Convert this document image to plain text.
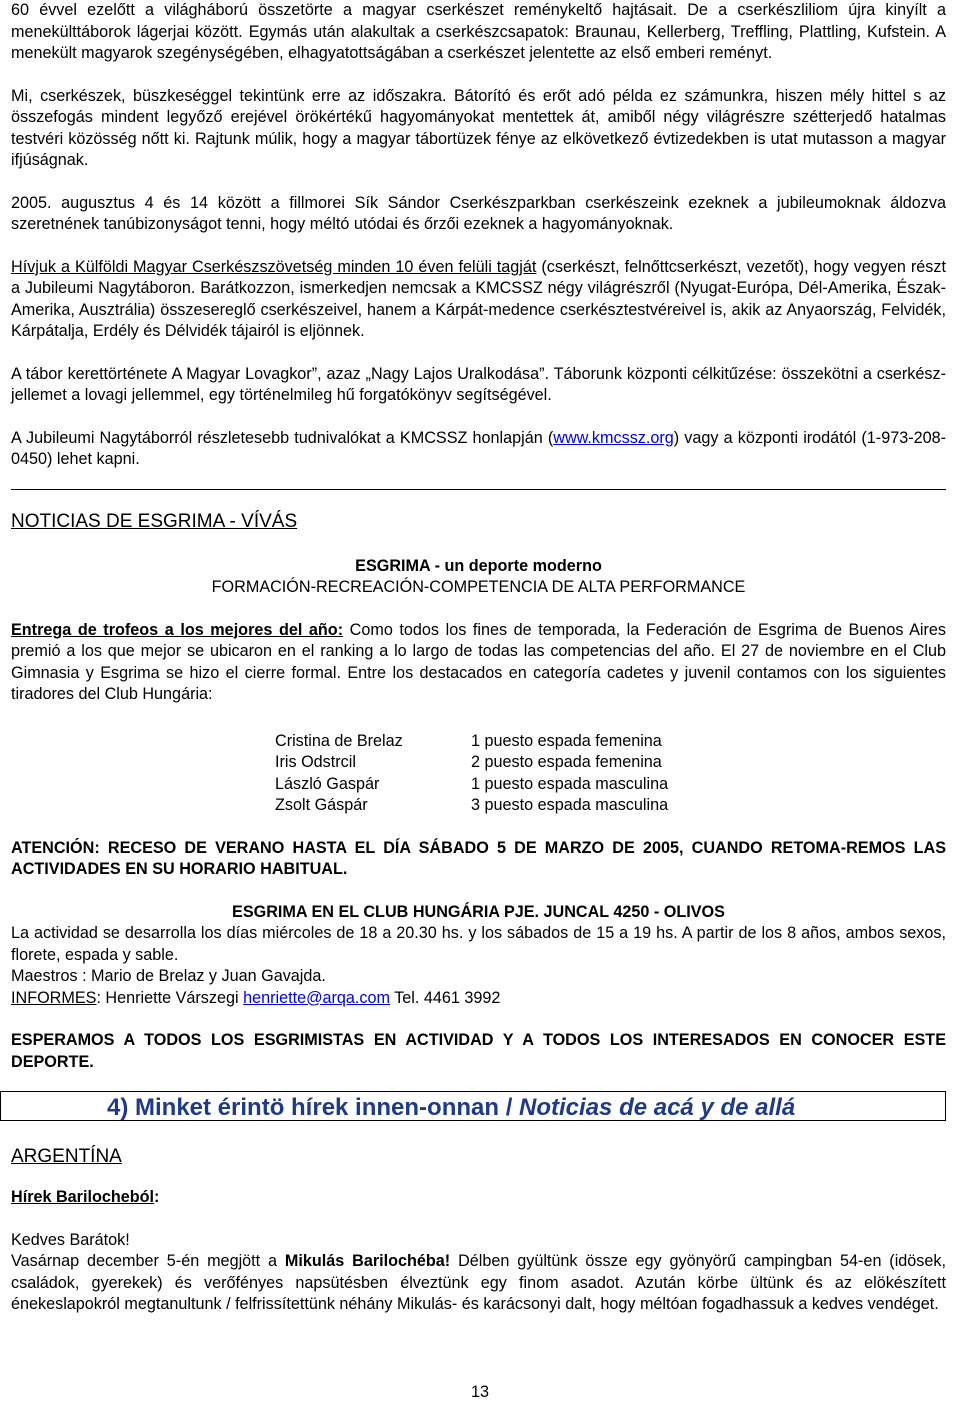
60 évvel ezelőtt a világháború összetörte a magyar cserkészet reménykeltő hajtásait. De a cserkészliliom újra kinyílt a menekülttáborok lágerjai között. Egymás után alakultak a cserkészcsapatok: Braunau, Kellerberg, Treffling, Plattling, Kufstein. A menekült magyarok szegénységében, elhagyatottságában a cserkészet jelentette az első emberi reményt.

Mi, cserkészek, büszkeséggel tekintünk erre az időszakra. Bátorító és erőt adó példa ez számunkra, hiszen mély hittel s az összefogás mindent legyőző erejével örökértékű hagyományokat mentettek át, amiből négy világrészre szétterjedő hatalmas testvéri közösség nőtt ki. Rajtunk múlik, hogy a magyar tábortüzek fénye az elkövetkező évtizedekben is utat mutasson a magyar ifjúságnak.

2005. augusztus 4 és 14 között a fillmorei Sík Sándor Cserkészparkban cserkészeink ezeknek a jubileumoknak áldozva szeretnének tanúbizonyságot tenni, hogy méltó utódai és őrzői ezeknek a hagyományoknak.

Hívjuk a Külföldi Magyar Cserkészszövetség minden 10 éven felüli tagját (cserkészt, felnőttcserkészt, vezetőt), hogy vegyen részt a Jubileumi Nagytáboron. Barátkozzon, ismerkedjen nemcsak a KMCSSZ négy világrészről (Nyugat-Európa, Dél-Amerika, Észak-Amerika, Ausztrália) összesereglő cserkészeivel, hanem a Kárpát-medence cserkésztestvéreivel is, akik az Anyaország, Felvidék, Kárpátalja, Erdély és Délvidék tájairól is eljönnek.

A tábor kerettörténete A Magyar Lovagkor”, azaz „Nagy Lajos Uralkodása”. Táborunk központi célkitűzése: összekötni a cserkész-jellemet a lovagi jellemmel, egy történelmileg hű forgatókönyv segítségével.

A Jubileumi Nagytáborról részletesebb tudnivalókat a KMCSSZ honlapján (www.kmcssz.org) vagy a központi irodától (1-973-208-0450) lehet kapni.

NOTICIAS DE ESGRIMA - VÍVÁS

ESGRIMA - un deporte moderno

FORMACIÓN-RECREACIÓN-COMPETENCIA DE ALTA PERFORMANCE

Entrega de trofeos a los mejores del año: Como todos los fines de temporada, la Federación de Esgrima de Buenos Aires premió a los que mejor se ubicaron en el ranking a lo largo de todas las competencias del año. El 27 de noviembre en el Club Gimnasia y Esgrima se hizo el cierre formal. Entre los destacados en categoría cadetes y juvenil contamos con los siguientes tiradores del Club Hungária:

Cristina de Brelaz	1 puesto espada femenina
Iris Odstrcil	2 puesto espada femenina
László Gaspár	1 puesto espada masculina
Zsolt Gáspár	3 puesto espada masculina

ATENCIÓN: RECESO DE VERANO HASTA EL DÍA SÁBADO 5 DE MARZO DE 2005, CUANDO RETOMA-REMOS LAS ACTIVIDADES EN SU HORARIO HABITUAL.

ESGRIMA EN EL CLUB HUNGÁRIA PJE. JUNCAL 4250 - OLIVOS

La actividad se desarrolla los días miércoles de 18 a 20.30 hs. y los sábados de 15 a 19 hs. A partir de los 8 años, ambos sexos, florete, espada y sable.

Maestros : Mario de Brelaz y Juan Gavajda.

INFORMES: Henriette Várszegi henriette@arqa.com Tel. 4461 3992

ESPERAMOS A TODOS LOS ESGRIMISTAS EN ACTIVIDAD Y A TODOS LOS INTERESADOS EN CONOCER ESTE DEPORTE.

4) Minket érintö hírek innen-onnan / Noticias de acá y de allá
ARGENTÍNA

Hírek Barilocheból:

Kedves Barátok!

Vasárnap december 5-én megjött a Mikulás Barilochéba! Délben gyültünk össze egy gyönyörű campingban 54-en (idösek, családok, gyerekek) és verőfényes napsütésben élveztünk egy finom asadot. Azután körbe ültünk és az elökészített énekeslapokról megtanultunk / felfrissítettünk néhány Mikulás- és karácsonyi dalt, hogy méltóan fogadhassuk a kedves vendéget.

13
